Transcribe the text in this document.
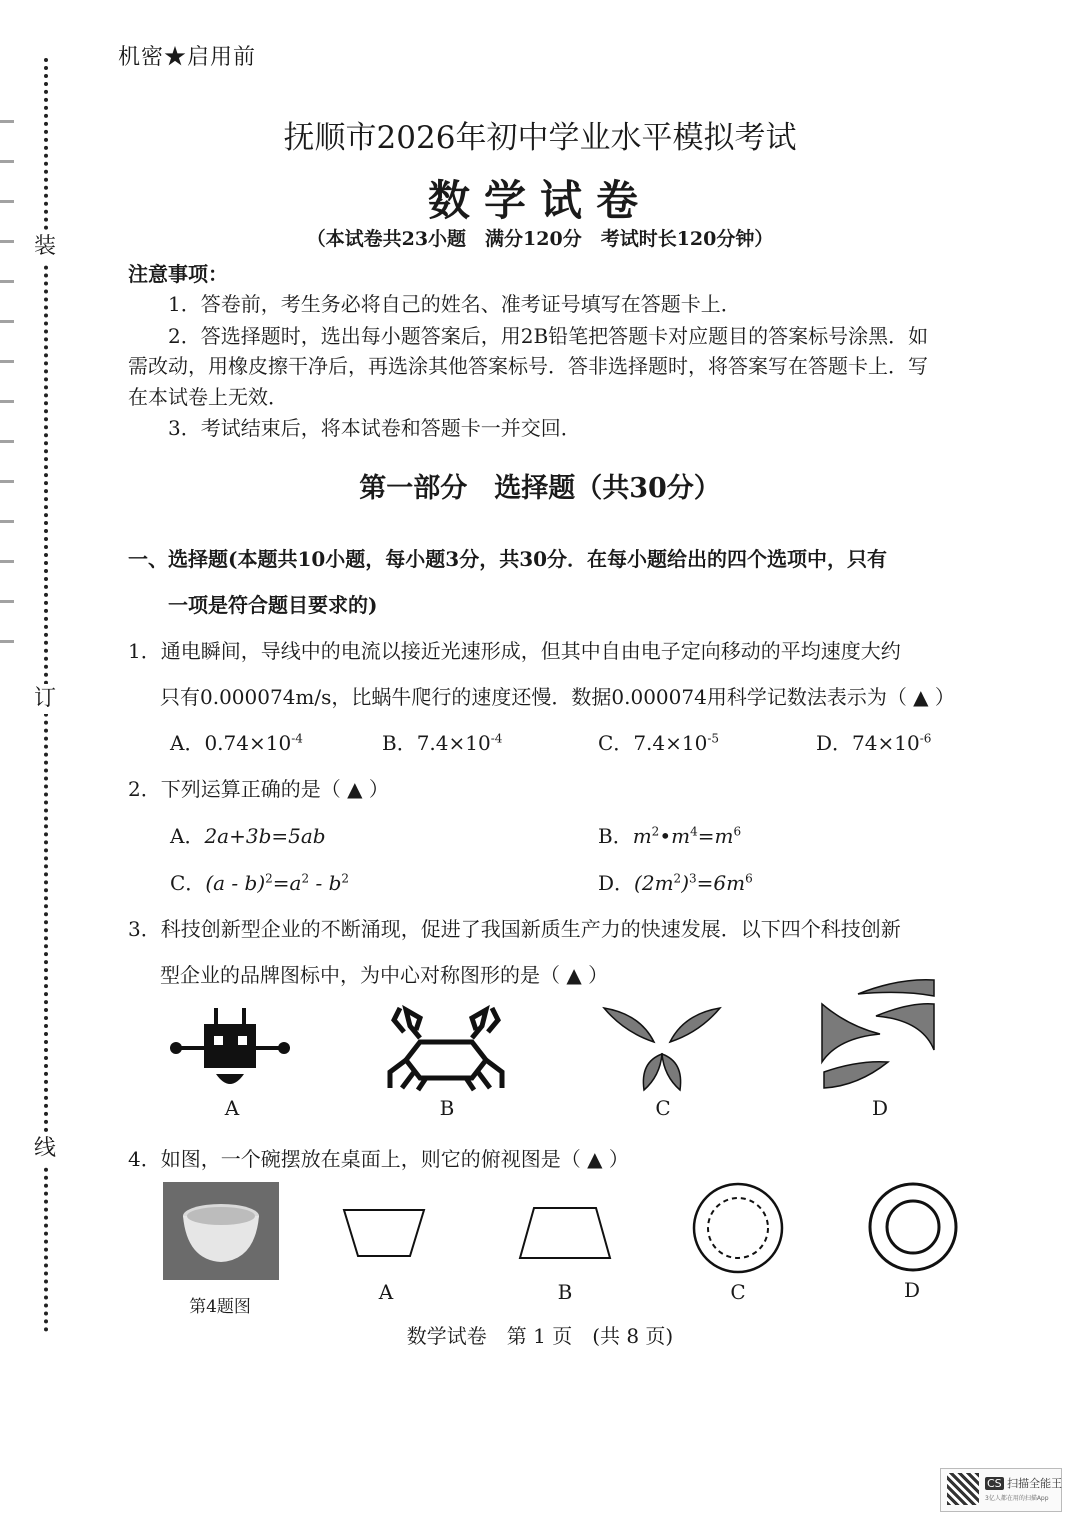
装
订
线
机密★启用前
抚顺市2026年初中学业水平模拟考试
数学试卷
（本试卷共23小题　满分120分　考试时长120分钟）
注意事项：
1．答卷前，考生务必将自己的姓名、准考证号填写在答题卡上．
2．答选择题时，选出每小题答案后，用2B铅笔把答题卡对应题目的答案标号涂黑．如
需改动，用橡皮擦干净后，再选涂其他答案标号．答非选择题时，将答案写在答题卡上．写
在本试卷上无效．
3．考试结束后，将本试卷和答题卡一并交回．
第一部分　选择题（共30分）
一、选择题(本题共10小题，每小题3分，共30分．在每小题给出的四个选项中，只有
一项是符合题目要求的)
1．通电瞬间，导线中的电流以接近光速形成，但其中自由电子定向移动的平均速度大约
只有0.000074m/s，比蜗牛爬行的速度还慢．数据0.000074用科学记数法表示为（ ▲ ）
A．$0.74\times 10^{-4}$	B．$7.4\times 10^{-4}$	C．$7.4\times 10^{-5}$	D．$74\times 10^{-6}$
2．下列运算正确的是（ ▲ ）
A．2a+3b=5ab	B．$m^2•m^4=m^6$
C．$(a - b)^2=a^2 - b^2$	D．$(2m^2)^3=6m^6$
3．科技创新型企业的不断涌现，促进了我国新质生产力的快速发展．以下四个科技创新
型企业的品牌图标中，为中心对称图形的是（ ▲ ）
A	B	C	D
4．如图，一个碗摆放在桌面上，则它的俯视图是（ ▲ ）
第4题图
A	B	C	D
数学试卷　第 1 页　(共 8 页)
CS 扫描全能王
3亿人都在用的扫描App
